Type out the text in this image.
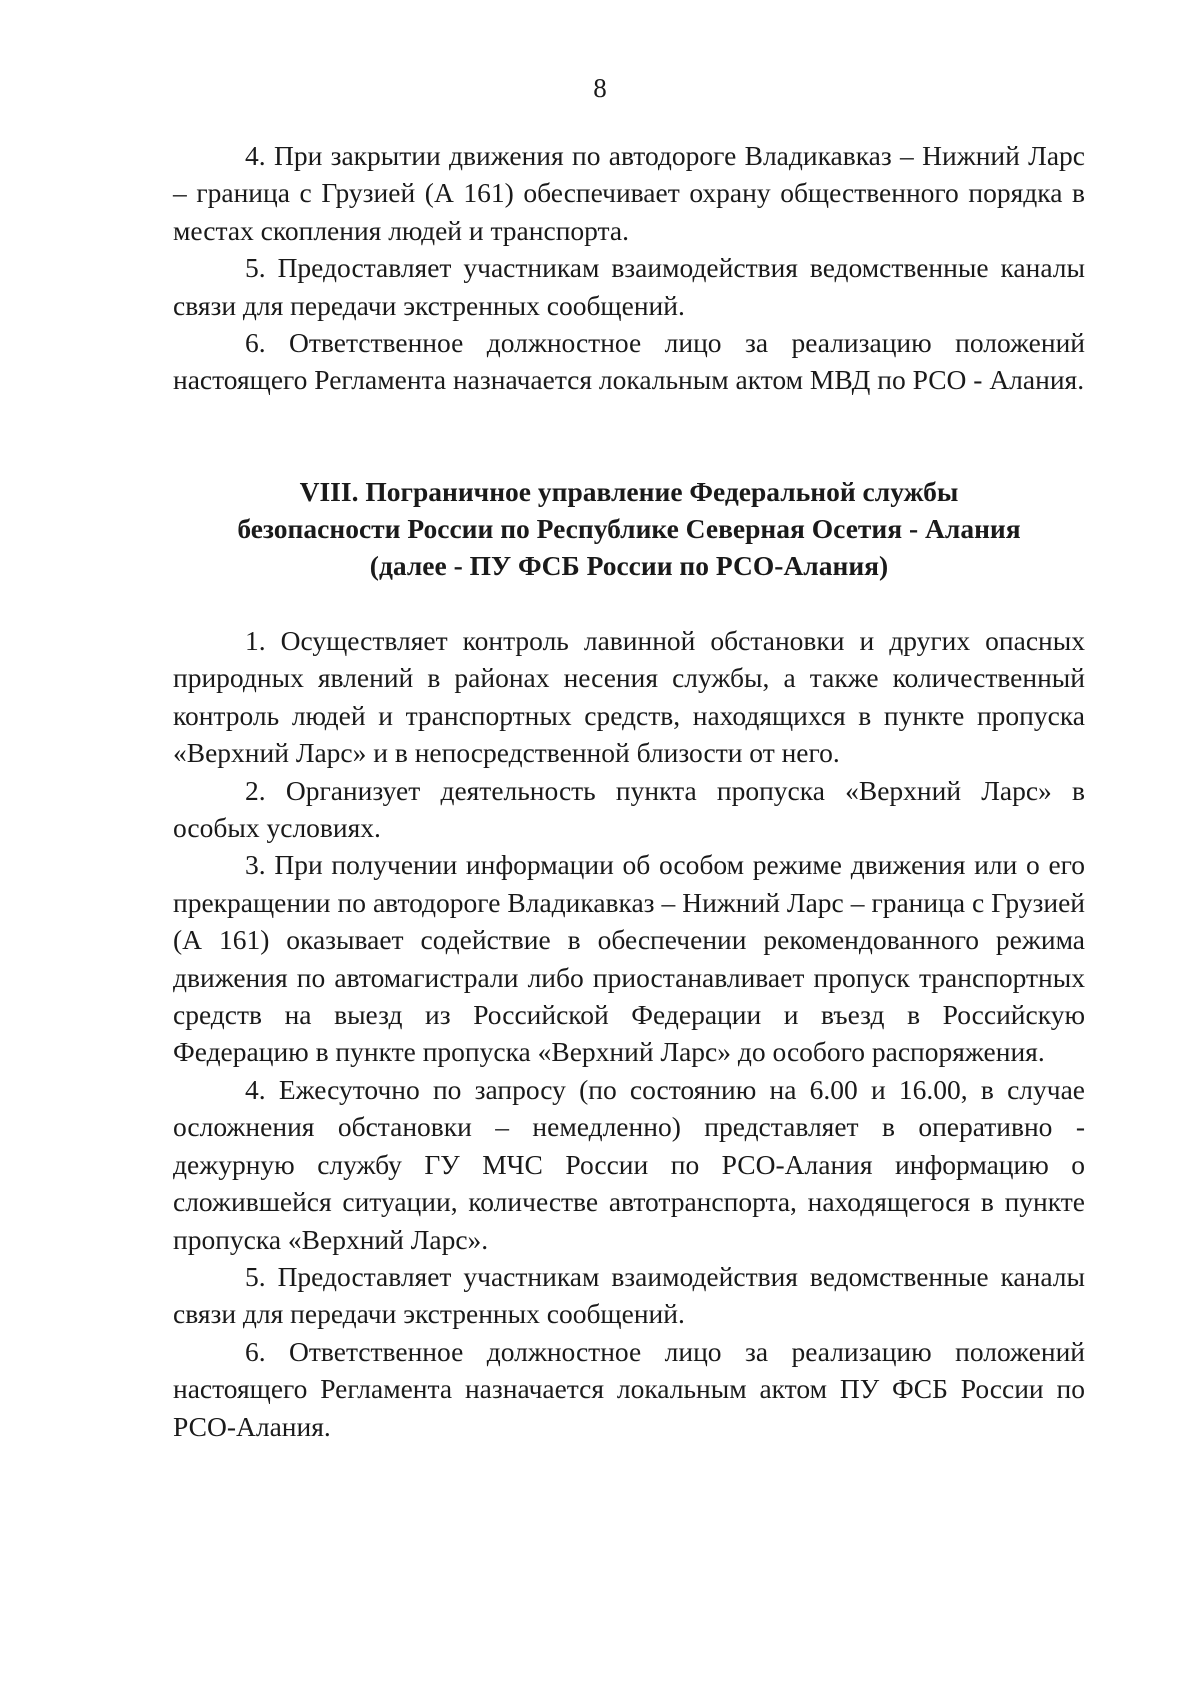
8

4. При закрытии движения по автодороге Владикавказ – Нижний Ларс – граница с Грузией (А 161) обеспечивает охрану общественного порядка в местах скопления людей и транспорта.

5. Предоставляет участникам взаимодействия ведомственные каналы связи для передачи экстренных сообщений.

6. Ответственное должностное лицо за реализацию положений настоящего Регламента назначается локальным актом МВД по РСО - Алания.

VIII. Пограничное управление Федеральной службы
безопасности России по Республике Северная Осетия - Алания
(далее - ПУ ФСБ России по РСО-Алания)

1. Осуществляет контроль лавинной обстановки и других опасных природных явлений в районах несения службы, а также количественный контроль людей и транспортных средств, находящихся в пункте пропуска «Верхний Ларс» и в непосредственной близости от него.

2. Организует деятельность пункта пропуска «Верхний Ларс» в особых условиях.

3. При получении информации об особом режиме движения или о его прекращении по автодороге Владикавказ – Нижний Ларс – граница с Грузией (А 161) оказывает содействие в обеспечении рекомендованного режима движения по автомагистрали либо приостанавливает пропуск транспортных средств на выезд из Российской Федерации и въезд в Российскую Федерацию в пункте пропуска «Верхний Ларс» до особого распоряжения.

4. Ежесуточно по запросу (по состоянию на 6.00 и 16.00, в случае осложнения обстановки – немедленно) представляет в оперативно - дежурную службу ГУ МЧС России по РСО-Алания информацию о сложившейся ситуации, количестве автотранспорта, находящегося в пункте пропуска «Верхний Ларс».

5. Предоставляет участникам взаимодействия ведомственные каналы связи для передачи экстренных сообщений.

6. Ответственное должностное лицо за реализацию положений настоящего Регламента назначается локальным актом ПУ ФСБ России по РСО-Алания.
